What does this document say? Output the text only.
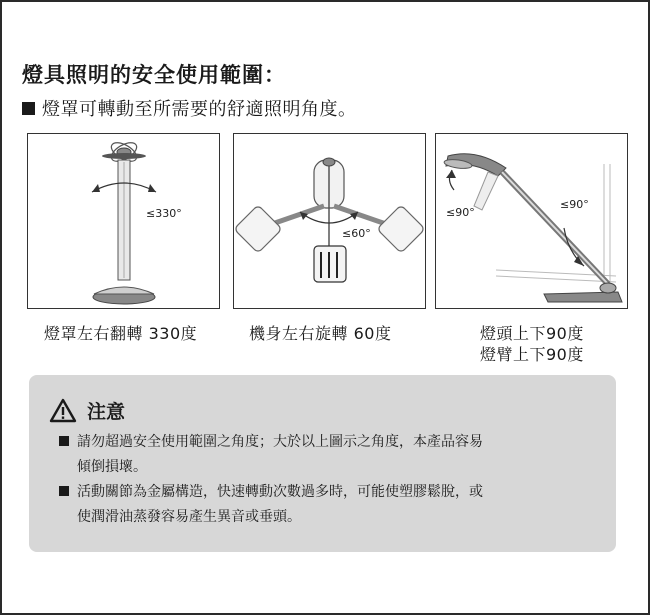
燈具照明的安全使用範圍：
燈罩可轉動至所需要的舒適照明角度。
≤330°
≤60°
≤90°
≤90°
燈罩左右翻轉 330度	機身左右旋轉 60度	燈頭上下90度
燈臂上下90度
注意
請勿超過安全使用範圍之角度；大於以上圖示之角度，本產品容易
傾倒損壞。
活動關節為金屬構造，快速轉動次數過多時，可能使塑膠鬆脫，或
使潤滑油蒸發容易產生異音或垂頭。
